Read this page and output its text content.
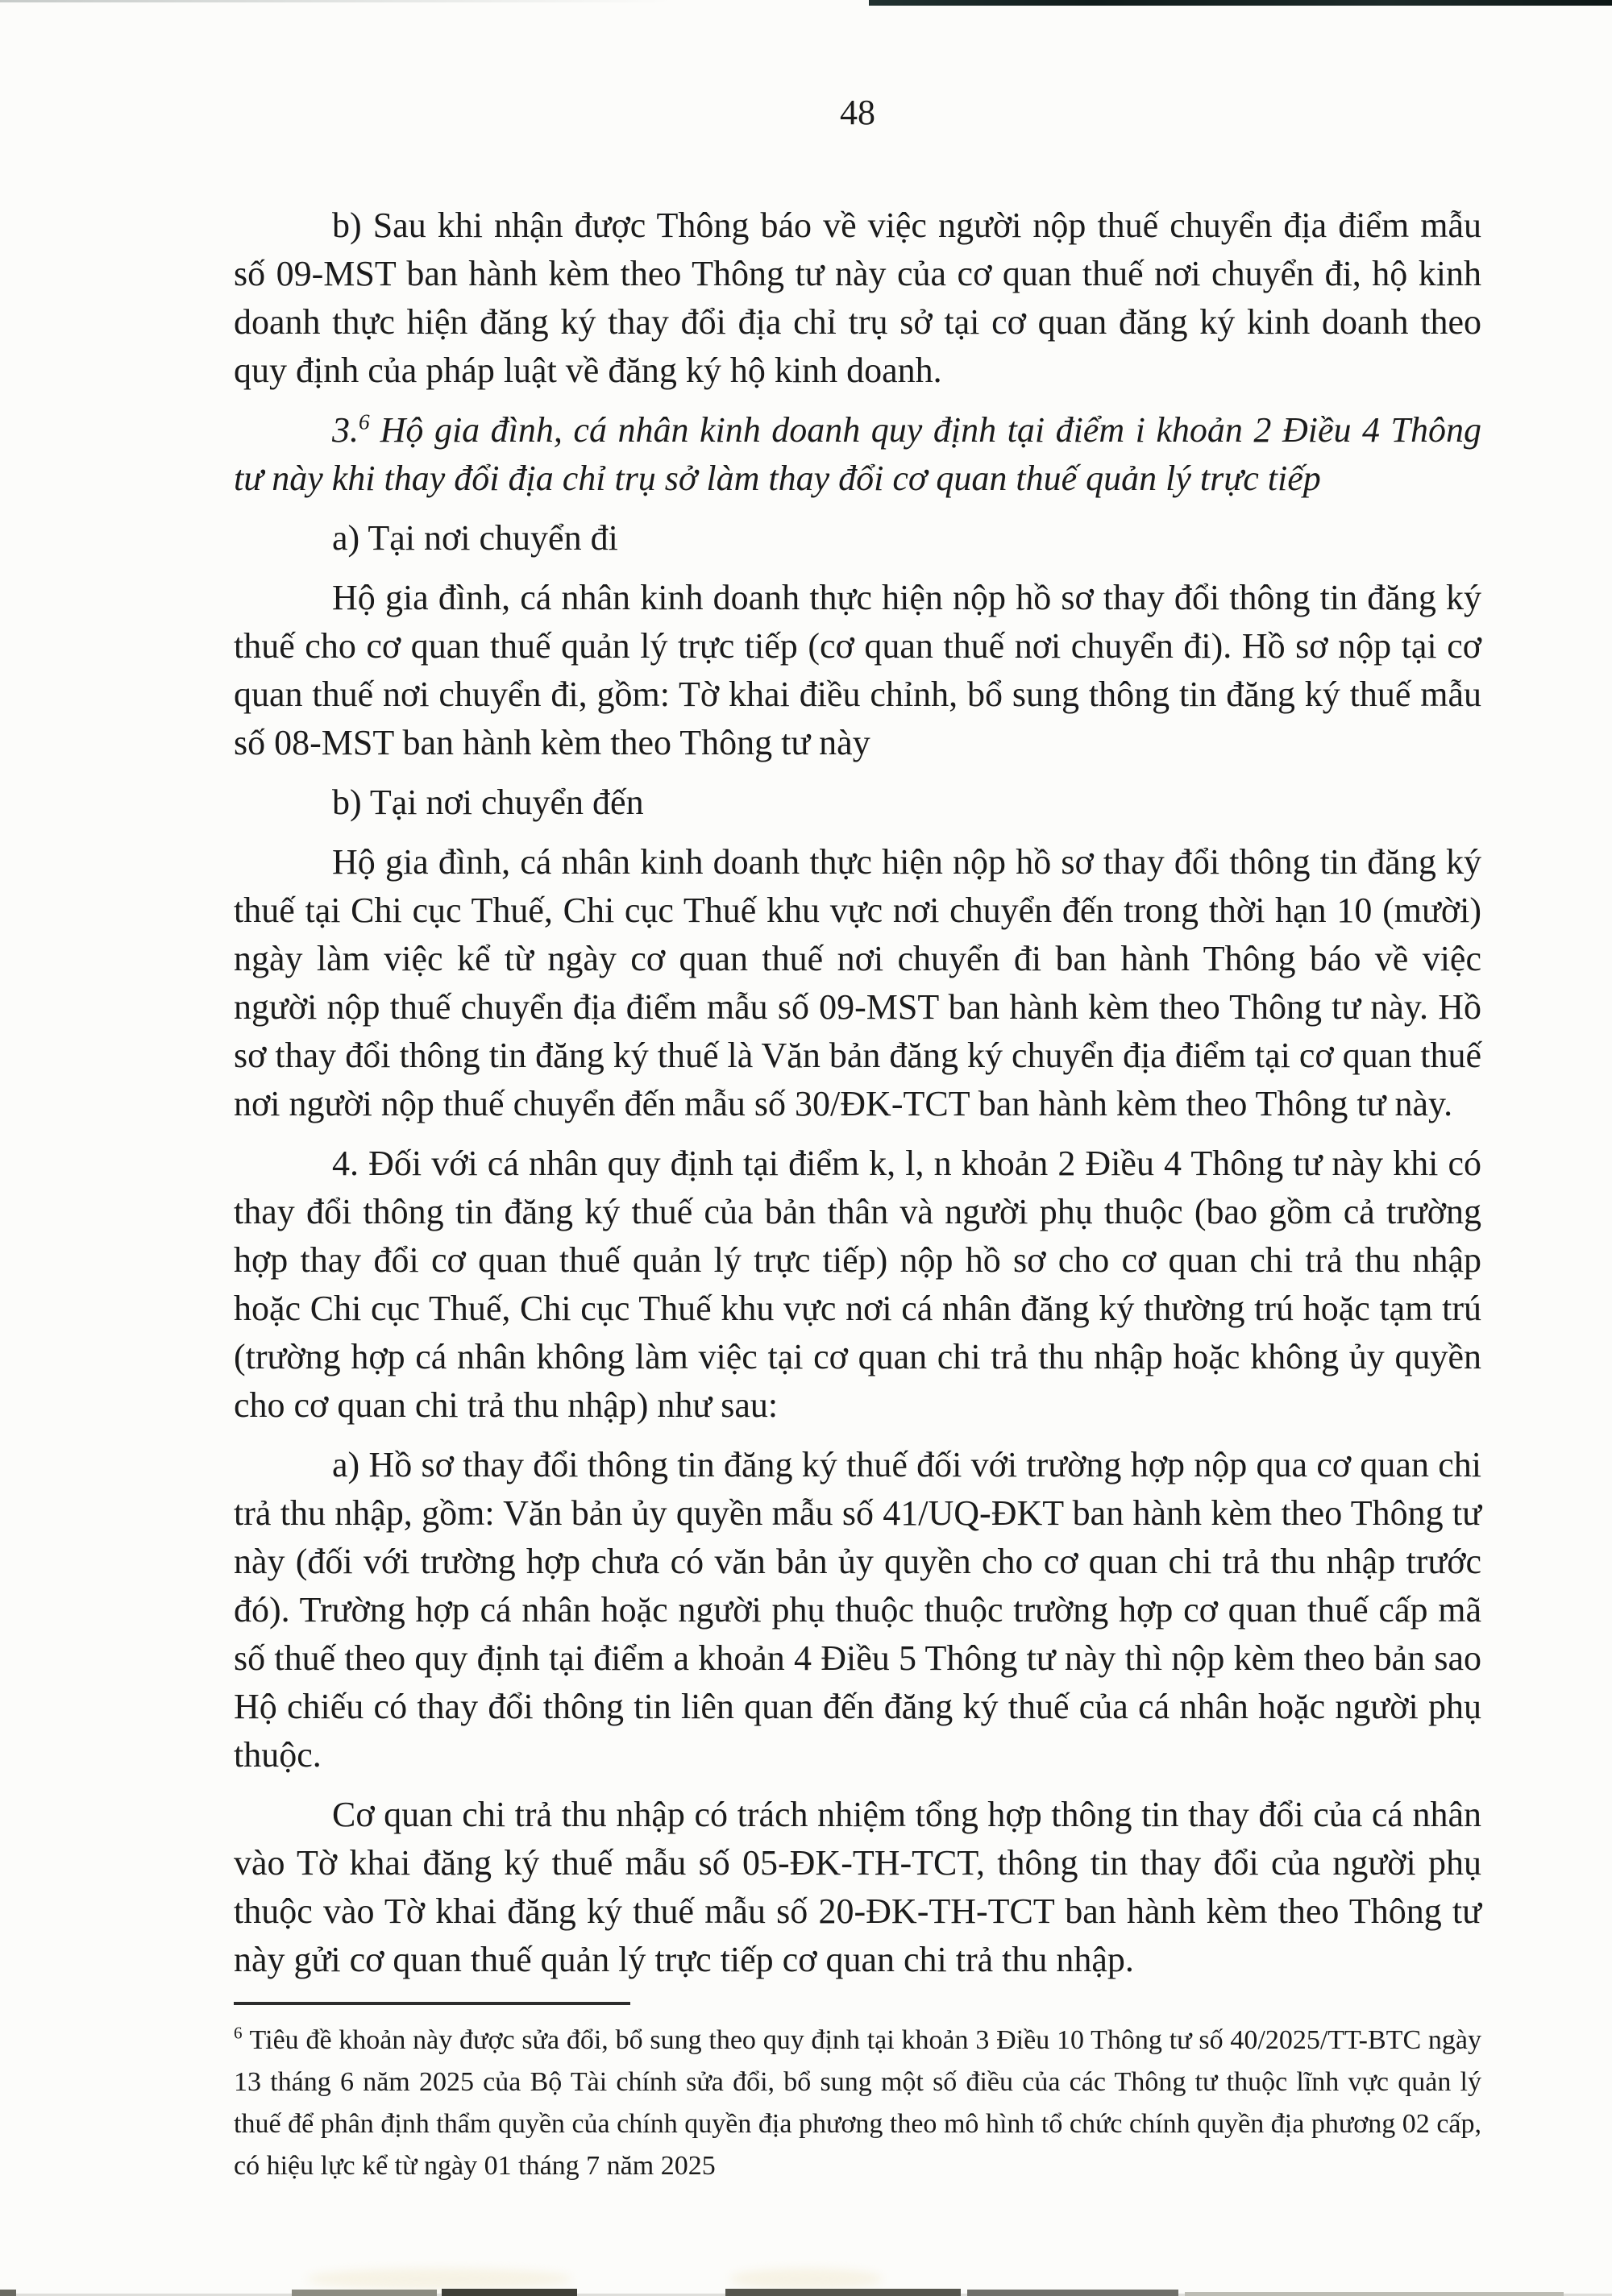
48

b) Sau khi nhận được Thông báo về việc người nộp thuế chuyển địa điểm mẫu số 09-MST ban hành kèm theo Thông tư này của cơ quan thuế nơi chuyển đi, hộ kinh doanh thực hiện đăng ký thay đổi địa chỉ trụ sở tại cơ quan đăng ký kinh doanh theo quy định của pháp luật về đăng ký hộ kinh doanh.

3.$^6$ Hộ gia đình, cá nhân kinh doanh quy định tại điểm i khoản 2 Điều 4 Thông tư này khi thay đổi địa chỉ trụ sở làm thay đổi cơ quan thuế quản lý trực tiếp

a) Tại nơi chuyển đi

Hộ gia đình, cá nhân kinh doanh thực hiện nộp hồ sơ thay đổi thông tin đăng ký thuế cho cơ quan thuế quản lý trực tiếp (cơ quan thuế nơi chuyển đi). Hồ sơ nộp tại cơ quan thuế nơi chuyển đi, gồm: Tờ khai điều chỉnh, bổ sung thông tin đăng ký thuế mẫu số 08-MST ban hành kèm theo Thông tư này

b) Tại nơi chuyển đến

Hộ gia đình, cá nhân kinh doanh thực hiện nộp hồ sơ thay đổi thông tin đăng ký thuế tại Chi cục Thuế, Chi cục Thuế khu vực nơi chuyển đến trong thời hạn 10 (mười) ngày làm việc kể từ ngày cơ quan thuế nơi chuyển đi ban hành Thông báo về việc người nộp thuế chuyển địa điểm mẫu số 09-MST ban hành kèm theo Thông tư này. Hồ sơ thay đổi thông tin đăng ký thuế là Văn bản đăng ký chuyển địa điểm tại cơ quan thuế nơi người nộp thuế chuyển đến mẫu số 30/ĐK-TCT ban hành kèm theo Thông tư này.

4. Đối với cá nhân quy định tại điểm k, l, n khoản 2 Điều 4 Thông tư này khi có thay đổi thông tin đăng ký thuế của bản thân và người phụ thuộc (bao gồm cả trường hợp thay đổi cơ quan thuế quản lý trực tiếp) nộp hồ sơ cho cơ quan chi trả thu nhập hoặc Chi cục Thuế, Chi cục Thuế khu vực nơi cá nhân đăng ký thường trú hoặc tạm trú (trường hợp cá nhân không làm việc tại cơ quan chi trả thu nhập hoặc không ủy quyền cho cơ quan chi trả thu nhập) như sau:

a) Hồ sơ thay đổi thông tin đăng ký thuế đối với trường hợp nộp qua cơ quan chi trả thu nhập, gồm: Văn bản ủy quyền mẫu số 41/UQ-ĐKT ban hành kèm theo Thông tư này (đối với trường hợp chưa có văn bản ủy quyền cho cơ quan chi trả thu nhập trước đó). Trường hợp cá nhân hoặc người phụ thuộc thuộc trường hợp cơ quan thuế cấp mã số thuế theo quy định tại điểm a khoản 4 Điều 5 Thông tư này thì nộp kèm theo bản sao Hộ chiếu có thay đổi thông tin liên quan đến đăng ký thuế của cá nhân hoặc người phụ thuộc.

Cơ quan chi trả thu nhập có trách nhiệm tổng hợp thông tin thay đổi của cá nhân vào Tờ khai đăng ký thuế mẫu số 05-ĐK-TH-TCT, thông tin thay đổi của người phụ thuộc vào Tờ khai đăng ký thuế mẫu số 20-ĐK-TH-TCT ban hành kèm theo Thông tư này gửi cơ quan thuế quản lý trực tiếp cơ quan chi trả thu nhập.

$^6$ Tiêu đề khoản này được sửa đổi, bổ sung theo quy định tại khoản 3 Điều 10 Thông tư số 40/2025/TT-BTC ngày 13 tháng 6 năm 2025 của Bộ Tài chính sửa đổi, bổ sung một số điều của các Thông tư thuộc lĩnh vực quản lý thuế để phân định thẩm quyền của chính quyền địa phương theo mô hình tổ chức chính quyền địa phương 02 cấp, có hiệu lực kể từ ngày 01 tháng 7 năm 2025
